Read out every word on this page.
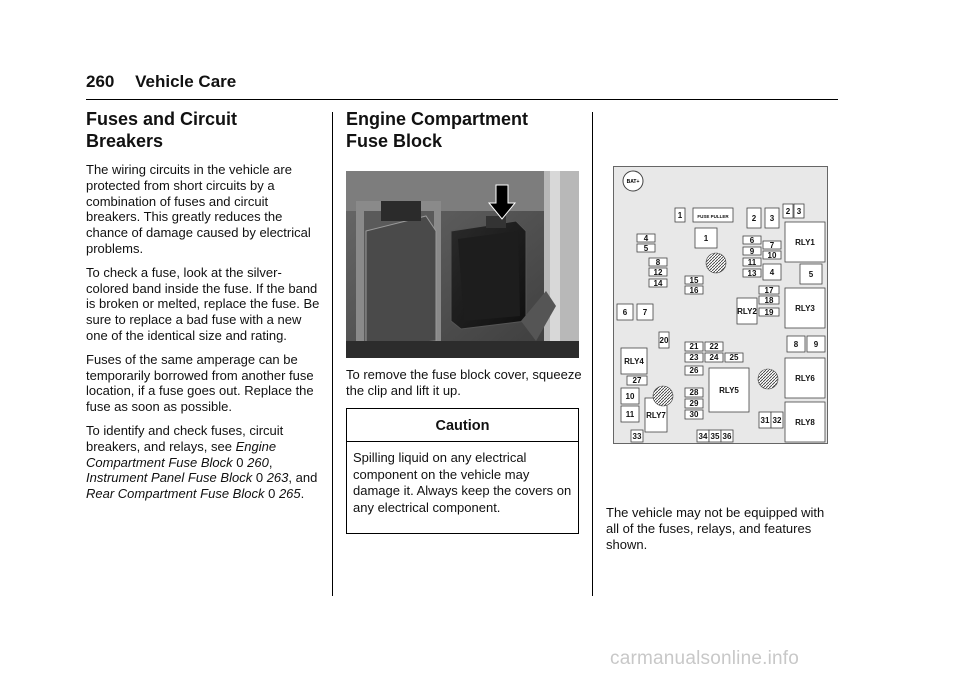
260 Vehicle Care
Fuses and Circuit
Breakers

The wiring circuits in the vehicle are protected from short circuits by a combination of fuses and circuit breakers. This greatly reduces the chance of damage caused by electrical problems.

To check a fuse, look at the silver-colored band inside the fuse. If the band is broken or melted, replace the fuse. Be sure to replace a bad fuse with a new one of the identical size and rating.

Fuses of the same amperage can be temporarily borrowed from another fuse location, if a fuse goes out. Replace the fuse as soon as possible.

To identify and check fuses, circuit breakers, and relays, see Engine Compartment Fuse Block 0 260, Instrument Panel Fuse Block 0 263, and Rear Compartment Fuse Block 0 265.

Engine Compartment
Fuse Block

To remove the fuse block cover, squeeze the clip and lift it up.

Caution
Spilling liquid on any electrical component on the vehicle may damage it. Always keep the covers on any electrical component.
BAT+
1	FUSE PULLER	2 3
2 3
1
4
5
8
12
14	15
16
6
9
11
13
7
10
4
RLY1
5
17
18
19
RLY2	RLY3
6 7
20
21 22
23 24 25
26
RLY5
8 9
RLY4
27
10
11 RLY7
28
29
30
RLY6
31 32 RLY8
33	34 35 36

The vehicle may not be equipped with all of the fuses, relays, and features shown.

carmanualsonline.info
